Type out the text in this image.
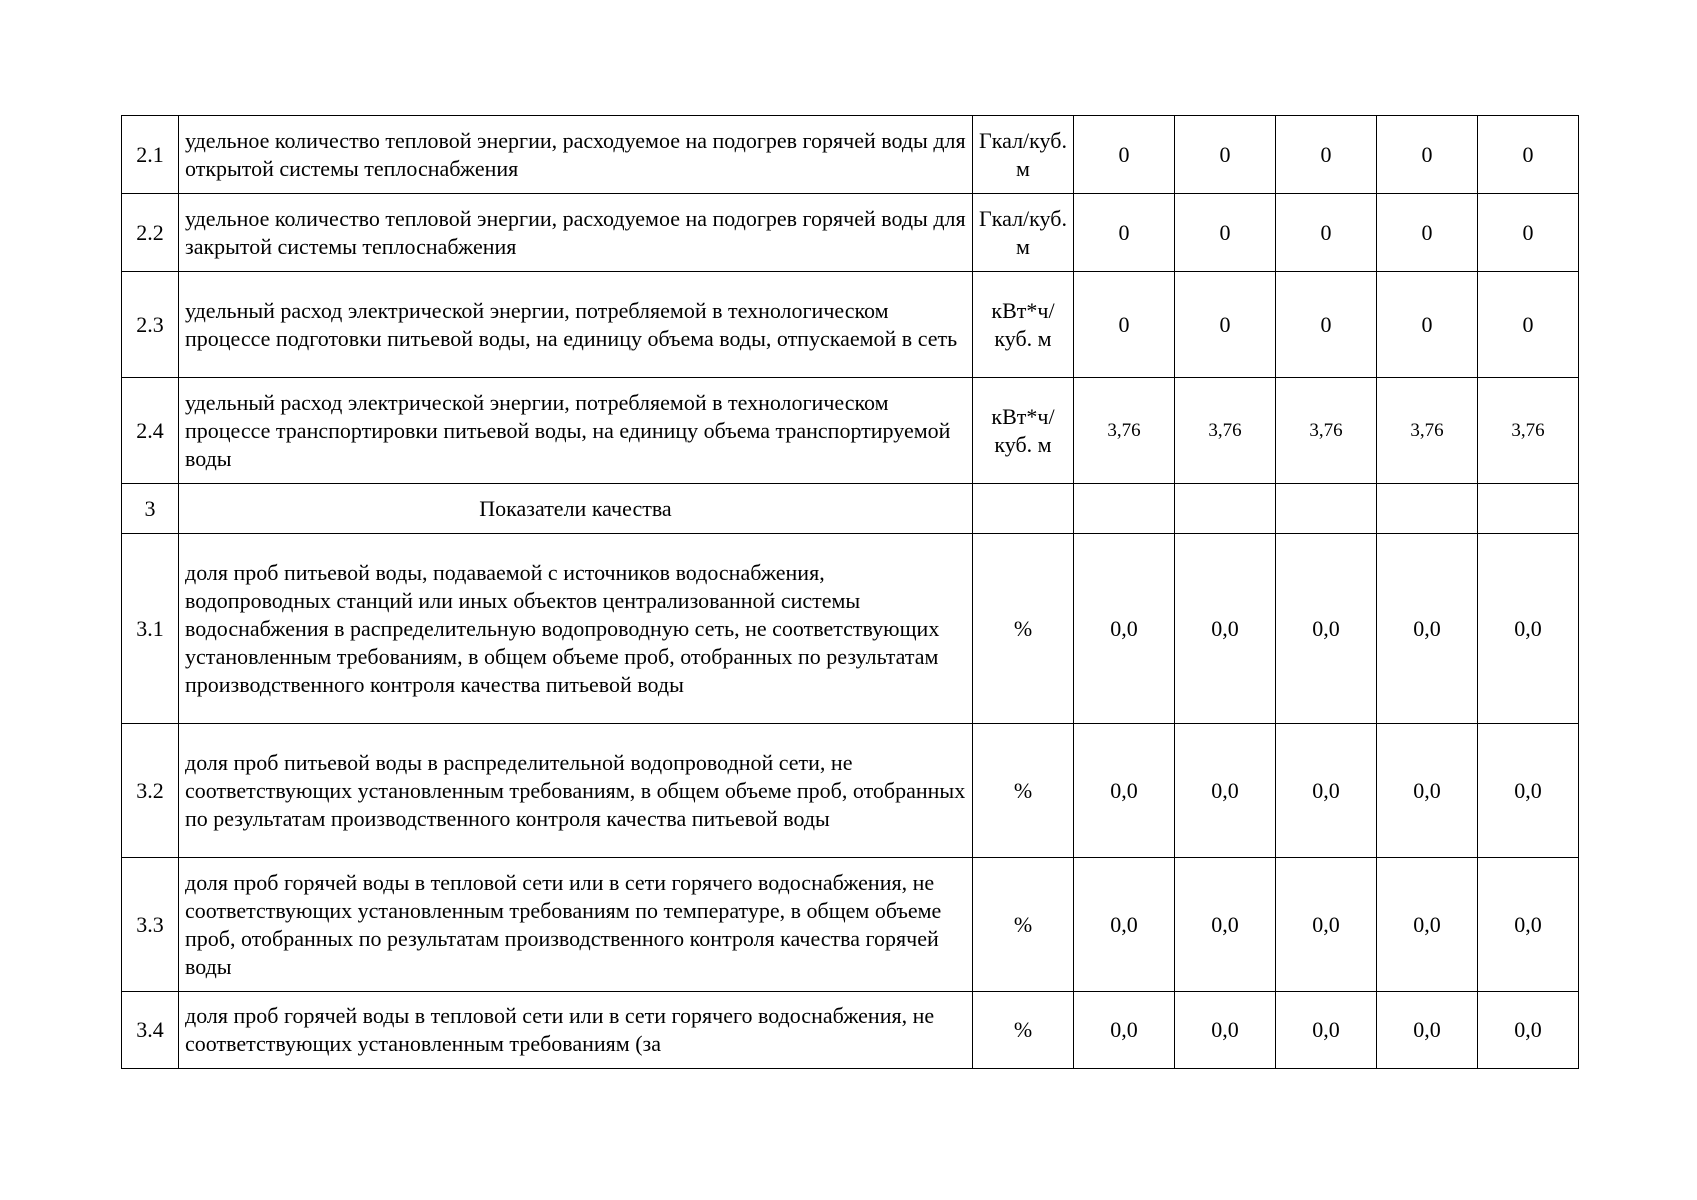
2.1	удельное количество тепловой энергии, расходуемое на подогрев горячей воды для открытой системы теплоснабжения	Гкал/куб. м	0	0	0	0	0
2.2	удельное количество тепловой энергии, расходуемое на подогрев горячей воды для закрытой системы теплоснабжения	Гкал/куб. м	0	0	0	0	0
2.3	удельный расход электрической энергии, потребляемой в технологическом процессе подготовки питьевой воды, на единицу объема воды, отпускаемой в сеть	кВт*ч/куб. м	0	0	0	0	0
2.4	удельный расход электрической энергии, потребляемой в технологическом процессе транспортировки питьевой воды, на единицу объема транспортируемой воды	кВт*ч/куб. м	3,76	3,76	3,76	3,76	3,76
3	Показатели качества						
3.1	доля проб питьевой воды, подаваемой с источников водоснабжения, водопроводных станций или иных объектов централизованной системы водоснабжения в распределительную водопроводную сеть, не соответствующих установленным требованиям, в общем объеме проб, отобранных по результатам производственного контроля качества питьевой воды	%	0,0	0,0	0,0	0,0	0,0
3.2	доля проб питьевой воды в распределительной водопроводной сети, не соответствующих установленным требованиям, в общем объеме проб, отобранных по результатам производственного контроля качества питьевой воды	%	0,0	0,0	0,0	0,0	0,0
3.3	доля проб горячей воды в тепловой сети или в сети горячего водоснабжения, не соответствующих установленным требованиям по температуре, в общем объеме проб, отобранных по результатам производственного контроля качества горячей воды	%	0,0	0,0	0,0	0,0	0,0
3.4	доля проб горячей воды в тепловой сети или в сети горячего водоснабжения, не соответствующих установленным требованиям (за	%	0,0	0,0	0,0	0,0	0,0
